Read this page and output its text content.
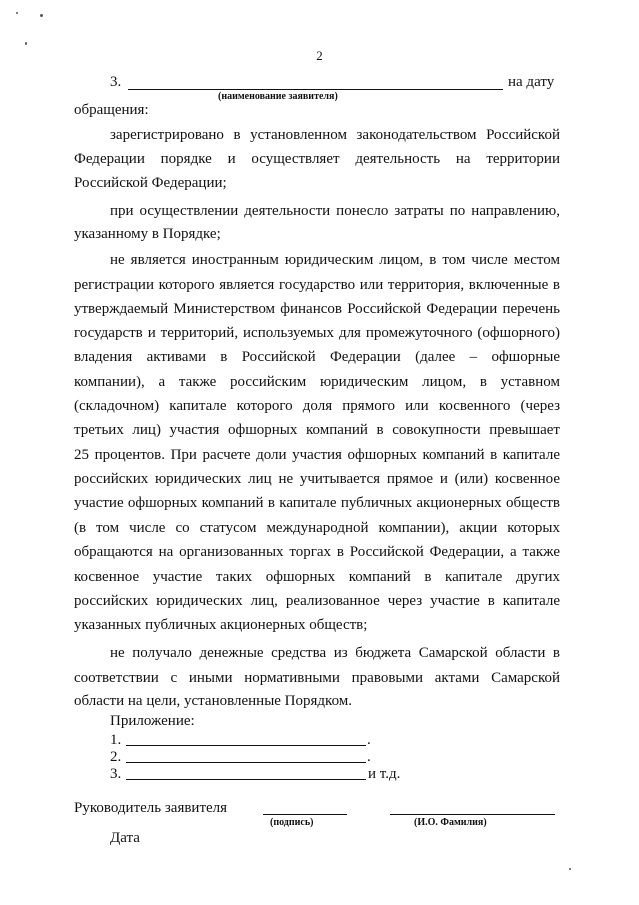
2
3.	на дату
(наименование заявителя)
обращения:
зарегистрировано в установленном законодательством Российской
Федерации порядке и осуществляет деятельность на территории
Российской Федерации;
при осуществлении деятельности понесло затраты по направлению,
указанному в Порядке;
не является иностранным юридическим лицом, в том числе местом
регистрации которого является государство или территория, включенные в
утверждаемый Министерством финансов Российской Федерации перечень
государств и территорий, используемых для промежуточного (офшорного)
владения активами в Российской Федерации (далее – офшорные
компании), а также российским юридическим лицом, в уставном
(складочном) капитале которого доля прямого или косвенного (через
третьих лиц) участия офшорных компаний в совокупности превышает
25 процентов. При расчете доли участия офшорных компаний в капитале
российских юридических лиц не учитывается прямое и (или) косвенное
участие офшорных компаний в капитале публичных акционерных обществ
(в том числе со статусом международной компании), акции которых
обращаются на организованных торгах в Российской Федерации, а также
косвенное участие таких офшорных компаний в капитале других
российских юридических лиц, реализованное через участие в капитале
указанных публичных акционерных обществ;
не получало денежные средства из бюджета Самарской области в
соответствии с иными нормативными правовыми актами Самарской
области на цели, установленные Порядком.
Приложение:
1.	.
2.	.
3.	и т.д.
Руководитель заявителя
(подпись)	(И.О. Фамилия)
Дата
